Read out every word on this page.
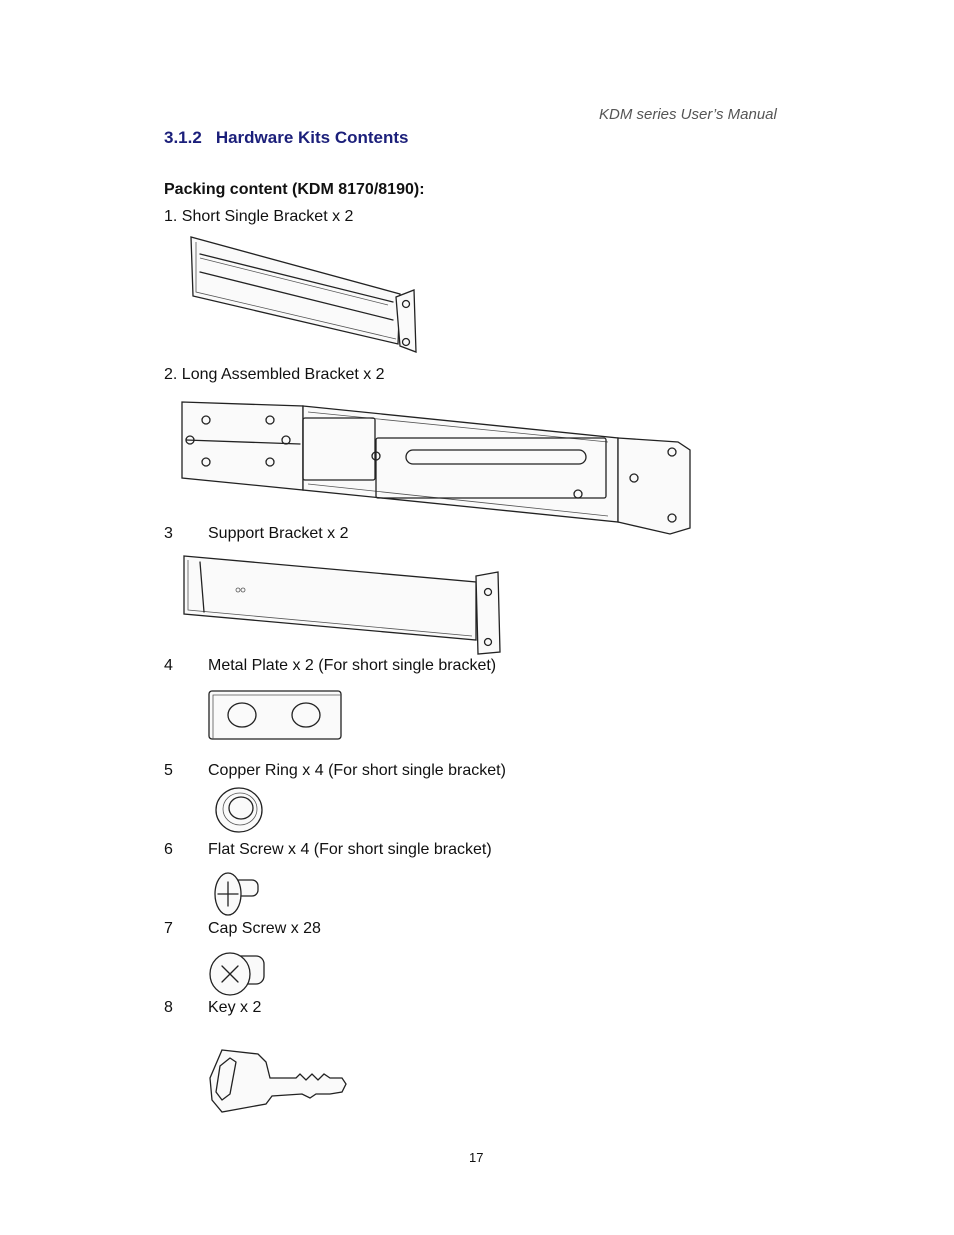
KDM series User’s Manual
3.1.2 Hardware Kits Contents
Packing content (KDM 8170/8190):
1. Short Single Bracket x 2
2. Long Assembled Bracket x 2
3 Support Bracket x 2
4 Metal Plate x 2 (For short single bracket)
5 Copper Ring x 4 (For short single bracket)
6 Flat Screw x 4 (For short single bracket)
7 Cap Screw x 28
8 Key x 2
17
